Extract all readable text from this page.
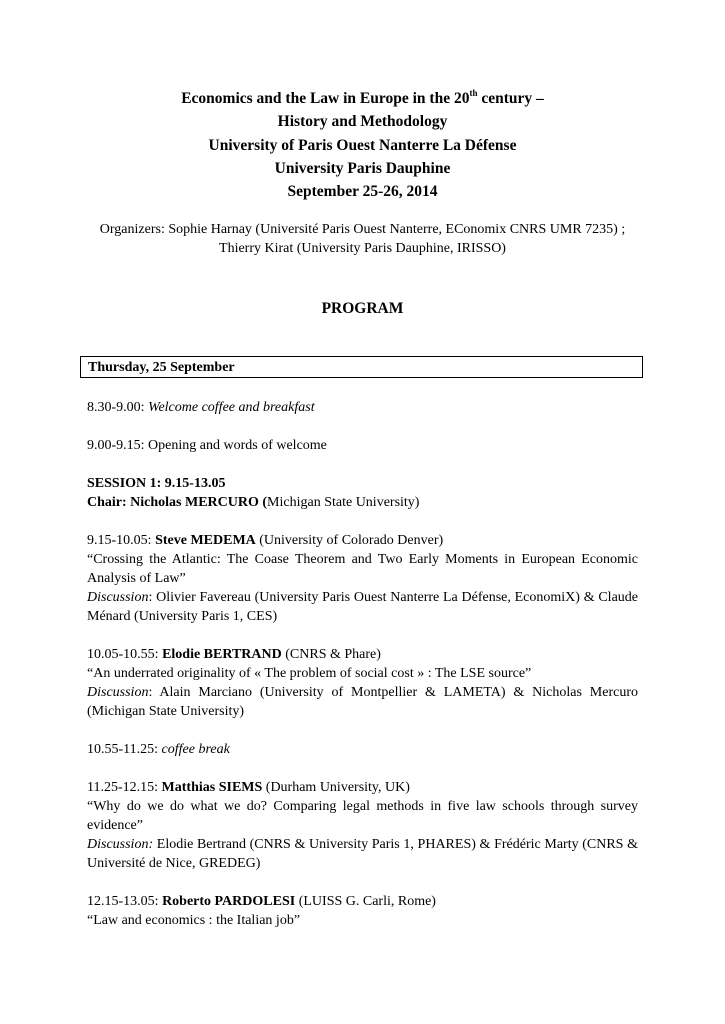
Economics and the Law in Europe in the 20th century –
History and Methodology
University of Paris Ouest Nanterre La Défense
University Paris Dauphine
September 25-26, 2014
Organizers: Sophie Harnay (Université Paris Ouest Nanterre, EConomix CNRS UMR 7235) ;
Thierry Kirat (University Paris Dauphine, IRISSO)
PROGRAM
Thursday, 25 September

8.30-9.00: Welcome coffee and breakfast

9.00-9.15: Opening and words of welcome

SESSION 1: 9.15-13.05

Chair: Nicholas MERCURO (Michigan State University)

9.15-10.05: Steve MEDEMA (University of Colorado Denver)

“Crossing the Atlantic: The Coase Theorem and Two Early Moments in European Economic Analysis of Law”

Discussion: Olivier Favereau (University Paris Ouest Nanterre La Défense, EconomiX) & Claude Ménard (University Paris 1, CES)

10.05-10.55: Elodie BERTRAND (CNRS & Phare)

“An underrated originality of « The problem of social cost » : The LSE source”

Discussion: Alain Marciano (University of Montpellier & LAMETA) & Nicholas Mercuro (Michigan State University)

10.55-11.25: coffee break

11.25-12.15: Matthias SIEMS (Durham University, UK)

“Why do we do what we do? Comparing legal methods in five law schools through survey evidence”

Discussion: Elodie Bertrand (CNRS & University Paris 1, PHARES) & Frédéric Marty (CNRS & Université de Nice, GREDEG)

12.15-13.05: Roberto PARDOLESI (LUISS G. Carli, Rome)

“Law and economics : the Italian job”
